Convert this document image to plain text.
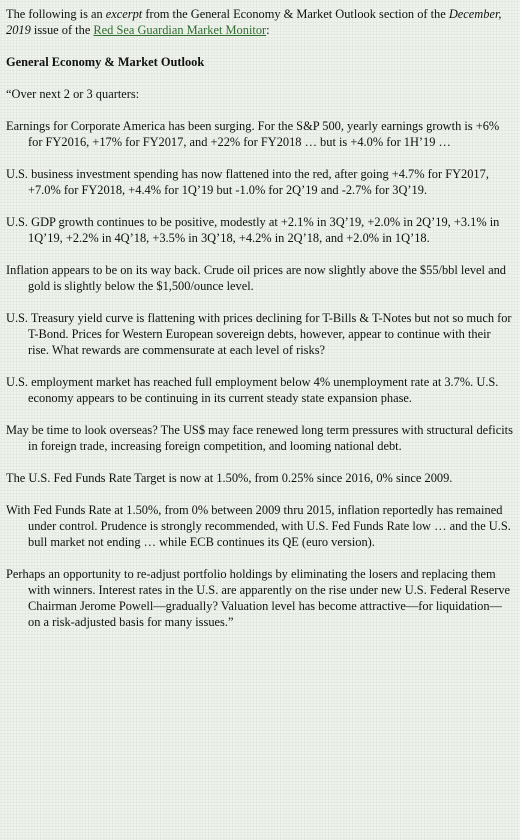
The following is an excerpt from the General Economy & Market Outlook section of the December, 2019 issue of the Red Sea Guardian Market Monitor:

General Economy & Market Outlook

“Over next 2 or 3 quarters:

Earnings for Corporate America has been surging. For the S&P 500, yearly earnings growth is +6% for FY2016, +17% for FY2017, and +22% for FY2018 … but is +4.0% for 1H’19 …

U.S. business investment spending has now flattened into the red, after going +4.7% for FY2017, +7.0% for FY2018, +4.4% for 1Q’19 but -1.0% for 2Q’19 and -2.7% for 3Q’19.

U.S. GDP growth continues to be positive, modestly at +2.1% in 3Q’19, +2.0% in 2Q’19, +3.1% in 1Q’19, +2.2% in 4Q’18, +3.5% in 3Q’18, +4.2% in 2Q’18, and +2.0% in 1Q’18.

Inflation appears to be on its way back. Crude oil prices are now slightly above the $55/bbl level and gold is slightly below the $1,500/ounce level.

U.S. Treasury yield curve is flattening with prices declining for T-Bills & T-Notes but not so much for T-Bond. Prices for Western European sovereign debts, however, appear to continue with their rise. What rewards are commensurate at each level of risks?

U.S. employment market has reached full employment below 4% unemployment rate at 3.7%. U.S. economy appears to be continuing in its current steady state expansion phase.

May be time to look overseas? The US$ may face renewed long term pressures with structural deficits in foreign trade, increasing foreign competition, and looming national debt.

The U.S. Fed Funds Rate Target is now at 1.50%, from 0.25% since 2016, 0% since 2009.

With Fed Funds Rate at 1.50%, from 0% between 2009 thru 2015, inflation reportedly has remained under control. Prudence is strongly recommended, with U.S. Fed Funds Rate low … and the U.S. bull market not ending … while ECB continues its QE (euro version).

Perhaps an opportunity to re-adjust portfolio holdings by eliminating the losers and replacing them with winners. Interest rates in the U.S. are apparently on the rise under new U.S. Federal Reserve Chairman Jerome Powell—gradually? Valuation level has become attractive—for liquidation—on a risk-adjusted basis for many issues.”
